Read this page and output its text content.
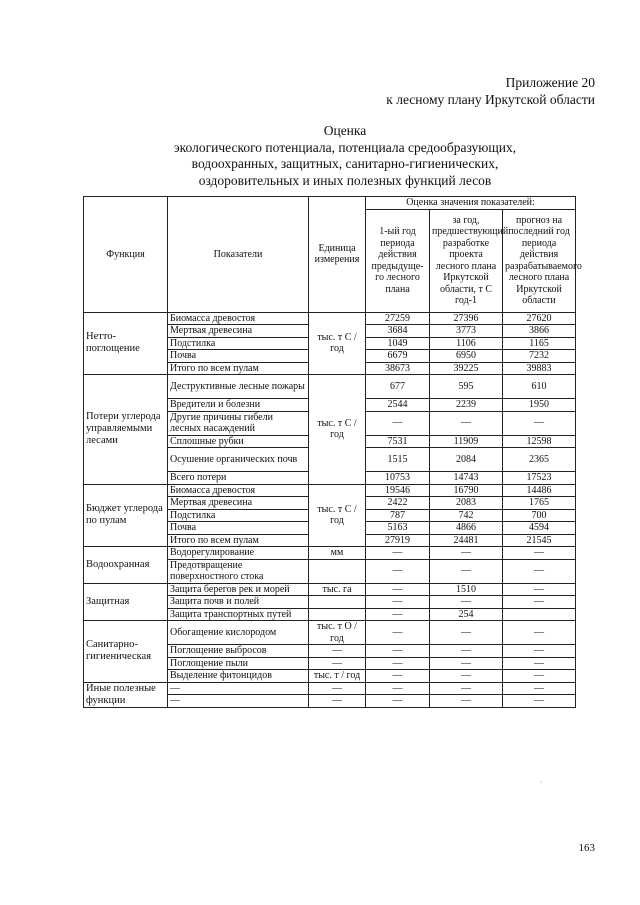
Приложение 20
к лесному плану Иркутской области
Оценка
экологического потенциала, потенциала средообразующих,
водоохранных, защитных, санитарно-гигиенических,
оздоровительных и иных полезных функций лесов
Функция	Показатели	Единица измерения	Оценка значения показателей:		
			1-ый год периода действия предыдуще-го лесного плана	за год, предшествующий разработке проекта лесного плана Иркутской области, т С год-1	прогноз на последний год периода действия разрабатываемого лесного плана Иркутской области
Нетто-поглощение	Биомасса древостоя	тыс. т С / год	27259	27396	27620
	Мертвая древесина		3684	3773	3866
	Подстилка		1049	1106	1165
	Почва		6679	6950	7232
	Итого по всем пулам		38673	39225	39883
Потери углерода управляемыми лесами	Деструктивные лесные пожары	тыс. т С / год	677	595	610
	Вредители и болезни		2544	2239	1950
	Другие причины гибели лесных насаждений		—	—	—
	Сплошные рубки		7531	11909	12598
	Осушение органических почв		1515	2084	2365
	Всего потери		10753	14743	17523
Бюджет углерода по пулам	Биомасса древостоя	тыс. т С / год	19546	16790	14486
	Мертвая древесина		2422	2083	1765
	Подстилка		787	742	700
	Почва		5163	4866	4594
	Итого по всем пулам		27919	24481	21545
Водоохранная	Водорегулирование	мм	—	—	—
	Предотвращение поверхностного стока		—	—	—
Защитная	Защита берегов рек и морей	тыс. га	—	1510	—
	Защита почв и полей		—	—	—
	Защита транспортных путей		—	254	
Санитарно-гигиеническая	Обогащение кислородом	тыс. т О / год	—	—	—
	Поглощение выбросов	—	—	—	—
	Поглощение пыли	—	—	—	—
	Выделение фитонцидов	тыс. т / год	—	—	—
Иные полезные функции	—	—	—	—	—
	—	—	—	—	—
·
163
